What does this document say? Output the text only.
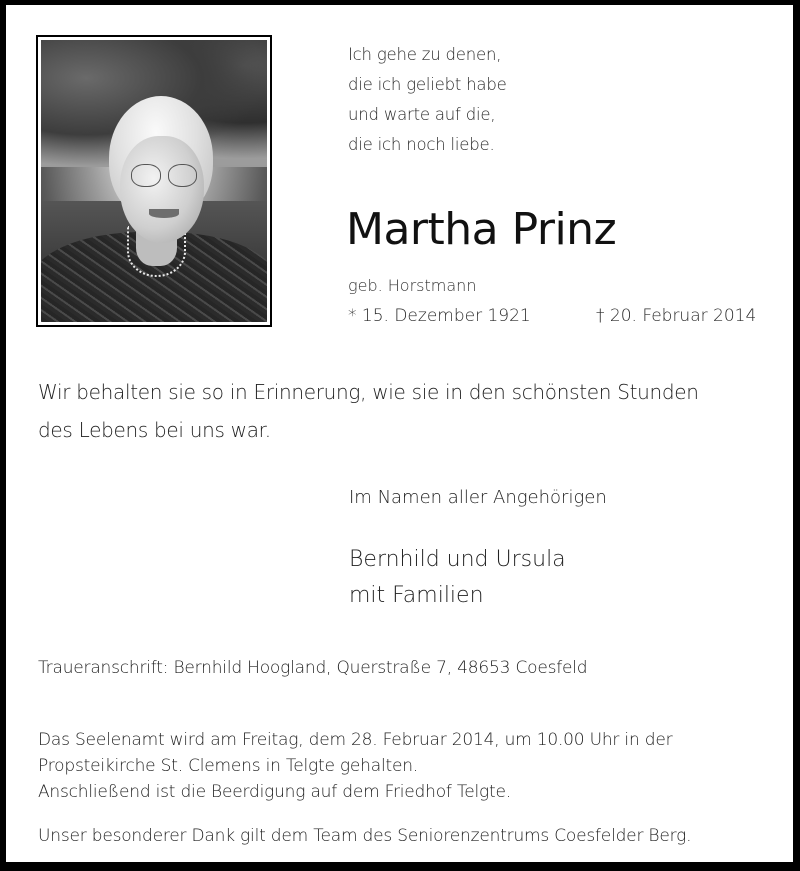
Ich gehe zu denen,
die ich geliebt habe
und warte auf die,
die ich noch liebe.
Martha Prinz
geb. Horstmann
* 15. Dezember 1921	† 20. Februar 2014
Wir behalten sie so in Erinnerung, wie sie in den schönsten Stunden
des Lebens bei uns war.
Im Namen aller Angehörigen
Bernhild und Ursula
mit Familien
Traueranschrift: Bernhild Hoogland, Querstraße 7, 48653 Coesfeld
Das Seelenamt wird am Freitag, dem 28. Februar 2014, um 10.00 Uhr in der
Propsteikirche St. Clemens in Telgte gehalten.
Anschließend ist die Beerdigung auf dem Friedhof Telgte.
Unser besonderer Dank gilt dem Team des Seniorenzentrums Coesfelder Berg.
